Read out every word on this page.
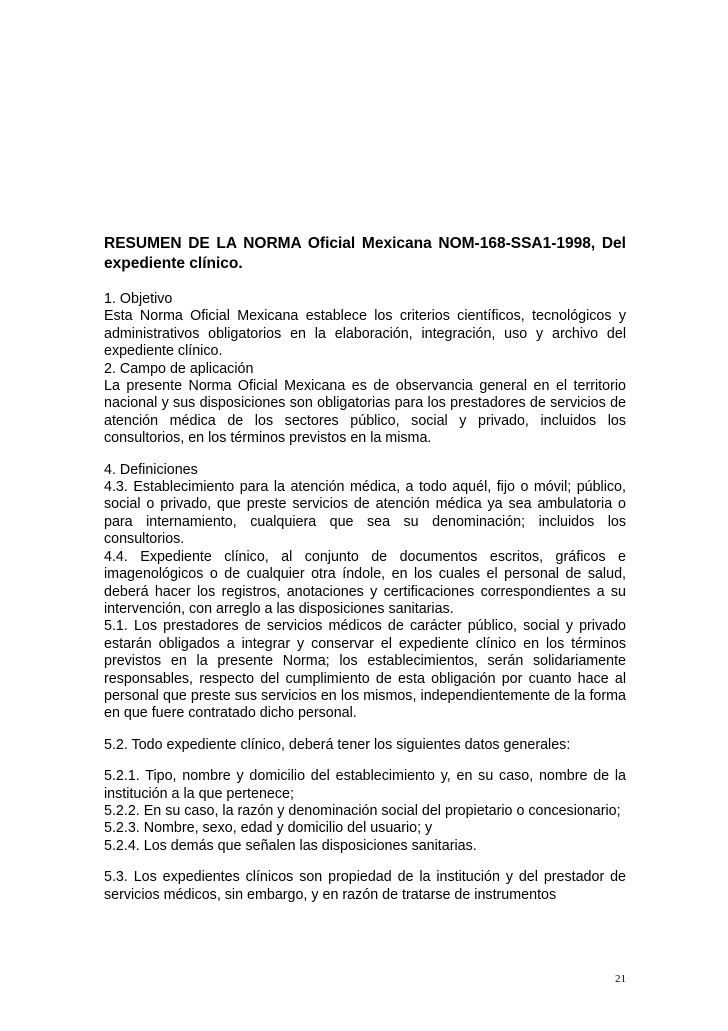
RESUMEN DE LA NORMA Oficial Mexicana NOM-168-SSA1-1998, Del expediente clínico.

1. Objetivo

Esta Norma Oficial Mexicana establece los criterios científicos, tecnológicos y administrativos obligatorios en la elaboración, integración, uso y archivo del expediente clínico.

2. Campo de aplicación

La presente Norma Oficial Mexicana es de observancia general en el territorio nacional y sus disposiciones son obligatorias para los prestadores de servicios de atención médica de los sectores público, social y privado, incluidos los consultorios, en los términos previstos en la misma.

4. Definiciones

4.3. Establecimiento para la atención médica, a todo aquél, fijo o móvil; público, social o privado, que preste servicios de atención médica ya sea ambulatoria o para internamiento, cualquiera que sea su denominación; incluidos los consultorios.

4.4. Expediente clínico, al conjunto de documentos escritos, gráficos e imagenológicos o de cualquier otra índole, en los cuales el personal de salud, deberá hacer los registros, anotaciones y certificaciones correspondientes a su intervención, con arreglo a las disposiciones sanitarias.

5.1. Los prestadores de servicios médicos de carácter público, social y privado estarán obligados a integrar y conservar el expediente clínico en los términos previstos en la presente Norma; los establecimientos, serán solidariamente responsables, respecto del cumplimiento de esta obligación por cuanto hace al personal que preste sus servicios en los mismos, independientemente de la forma en que fuere contratado dicho personal.

5.2. Todo expediente clínico, deberá tener los siguientes datos generales:

5.2.1. Tipo, nombre y domicilio del establecimiento y, en su caso, nombre de la institución a la que pertenece;

5.2.2. En su caso, la razón y denominación social del propietario o concesionario;

5.2.3. Nombre, sexo, edad y domicilio del usuario; y

5.2.4. Los demás que señalen las disposiciones sanitarias.

5.3. Los expedientes clínicos son propiedad de la institución y del prestador de servicios médicos, sin embargo, y en razón de tratarse de instrumentos

21
